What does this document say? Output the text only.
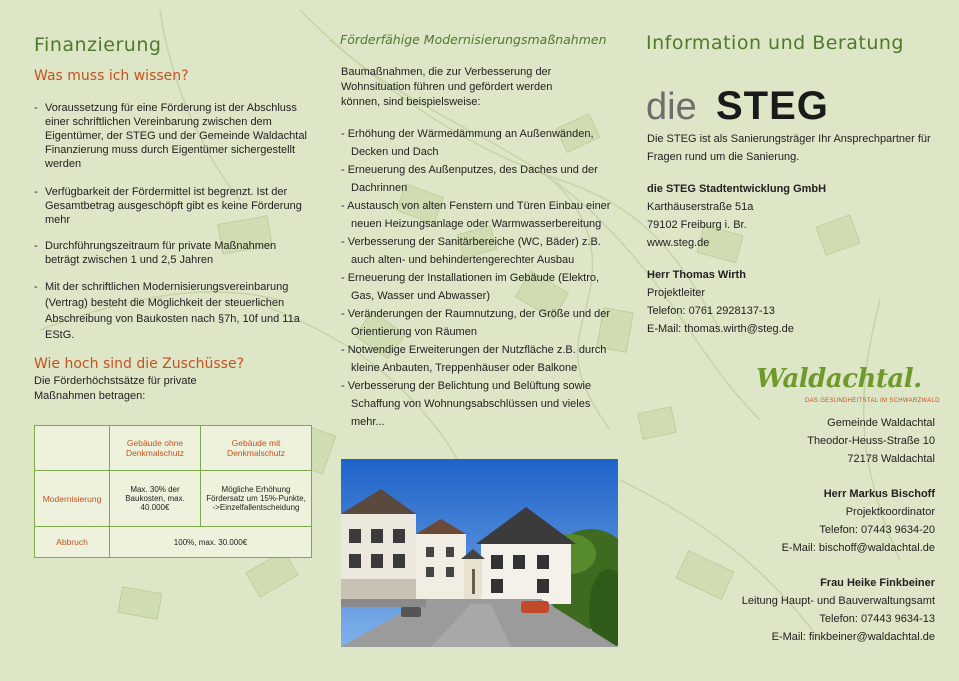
Finanzierung
Was muss ich wissen?
- Voraussetzung für eine Förderung ist der Abschluss einer schriftlichen Vereinbarung zwischen dem Eigentümer, der STEG und der Gemeinde Waldachtal Finanzierung muss durch Eigentümer sichergestellt werden
- Verfügbarkeit der Fördermittel ist begrenzt. Ist der Gesamtbetrag ausgeschöpft gibt es keine Förderung mehr
- Durchführungszeitraum für private Maßnahmen beträgt zwischen 1 und 2,5 Jahren
- Mit der schriftlichen Modernisierungsvereinbarung (Vertrag) besteht die Möglichkeit der steuerlichen Abschreibung von Baukosten nach §7h, 10f und 11a EStG.
Wie hoch sind die Zuschüsse?
Die Förderhöchstsätze für private Maßnahmen betragen:
	Gebäude ohne Denkmalschutz	Gebäude mit Denkmalschutz
Modernisierung	Max. 30% der Baukosten, max. 40.000€	Mögliche Erhöhung Fördersatz um 15%-Punkte, ->Einzelfallentscheidung
Abbruch	100%, max. 30.000€	
Förderfähige Modernisierungsmaßnahmen
Baumaßnahmen, die zur Verbesserung der Wohnsituation führen und gefördert werden können, sind beispielsweise:
- Erhöhung der Wärmedämmung an Außenwänden, Decken und Dach
- Erneuerung des Außenputzes, des Daches und der Dachrinnen
- Austausch von alten Fenstern und Türen Einbau einer neuen Heizungsanlage oder Warmwasserbereitung
- Verbesserung der Sanitärbereiche (WC, Bäder) z.B. auch alten- und behindertengerechter Ausbau
- Erneuerung der Installationen im Gebäude (Elektro, Gas, Wasser und Abwasser)
- Veränderungen der Raumnutzung, der Größe und der Orientierung von Räumen
- Notwendige Erweiterungen der Nutzfläche z.B. durch kleine Anbauten, Treppenhäuser oder Balkone
- Verbesserung der Belichtung und Belüftung sowie Schaffung von Wohnungsabschlüssen und vieles mehr...
Information und Beratung
die STEG
Die STEG ist als Sanierungsträger Ihr Ansprechpartner für Fragen rund um die Sanierung.
die STEG Stadtentwicklung GmbH
Karthäuserstraße 51a
79102 Freiburg i. Br.
www.steg.de
Herr Thomas Wirth
Projektleiter
Telefon: 0761 2928137-13
E-Mail: thomas.wirth@steg.de
Waldachtal.
DAS GESUNDHEITSTAL IM SCHWARZWALD
Gemeinde Waldachtal
Theodor-Heuss-Straße 10
72178 Waldachtal
Herr Markus Bischoff
Projektkoordinator
Telefon: 07443 9634-20
E-Mail: bischoff@waldachtal.de
Frau Heike Finkbeiner
Leitung Haupt- und Bauverwaltungsamt
Telefon: 07443 9634-13
E-Mail: finkbeiner@waldachtal.de
